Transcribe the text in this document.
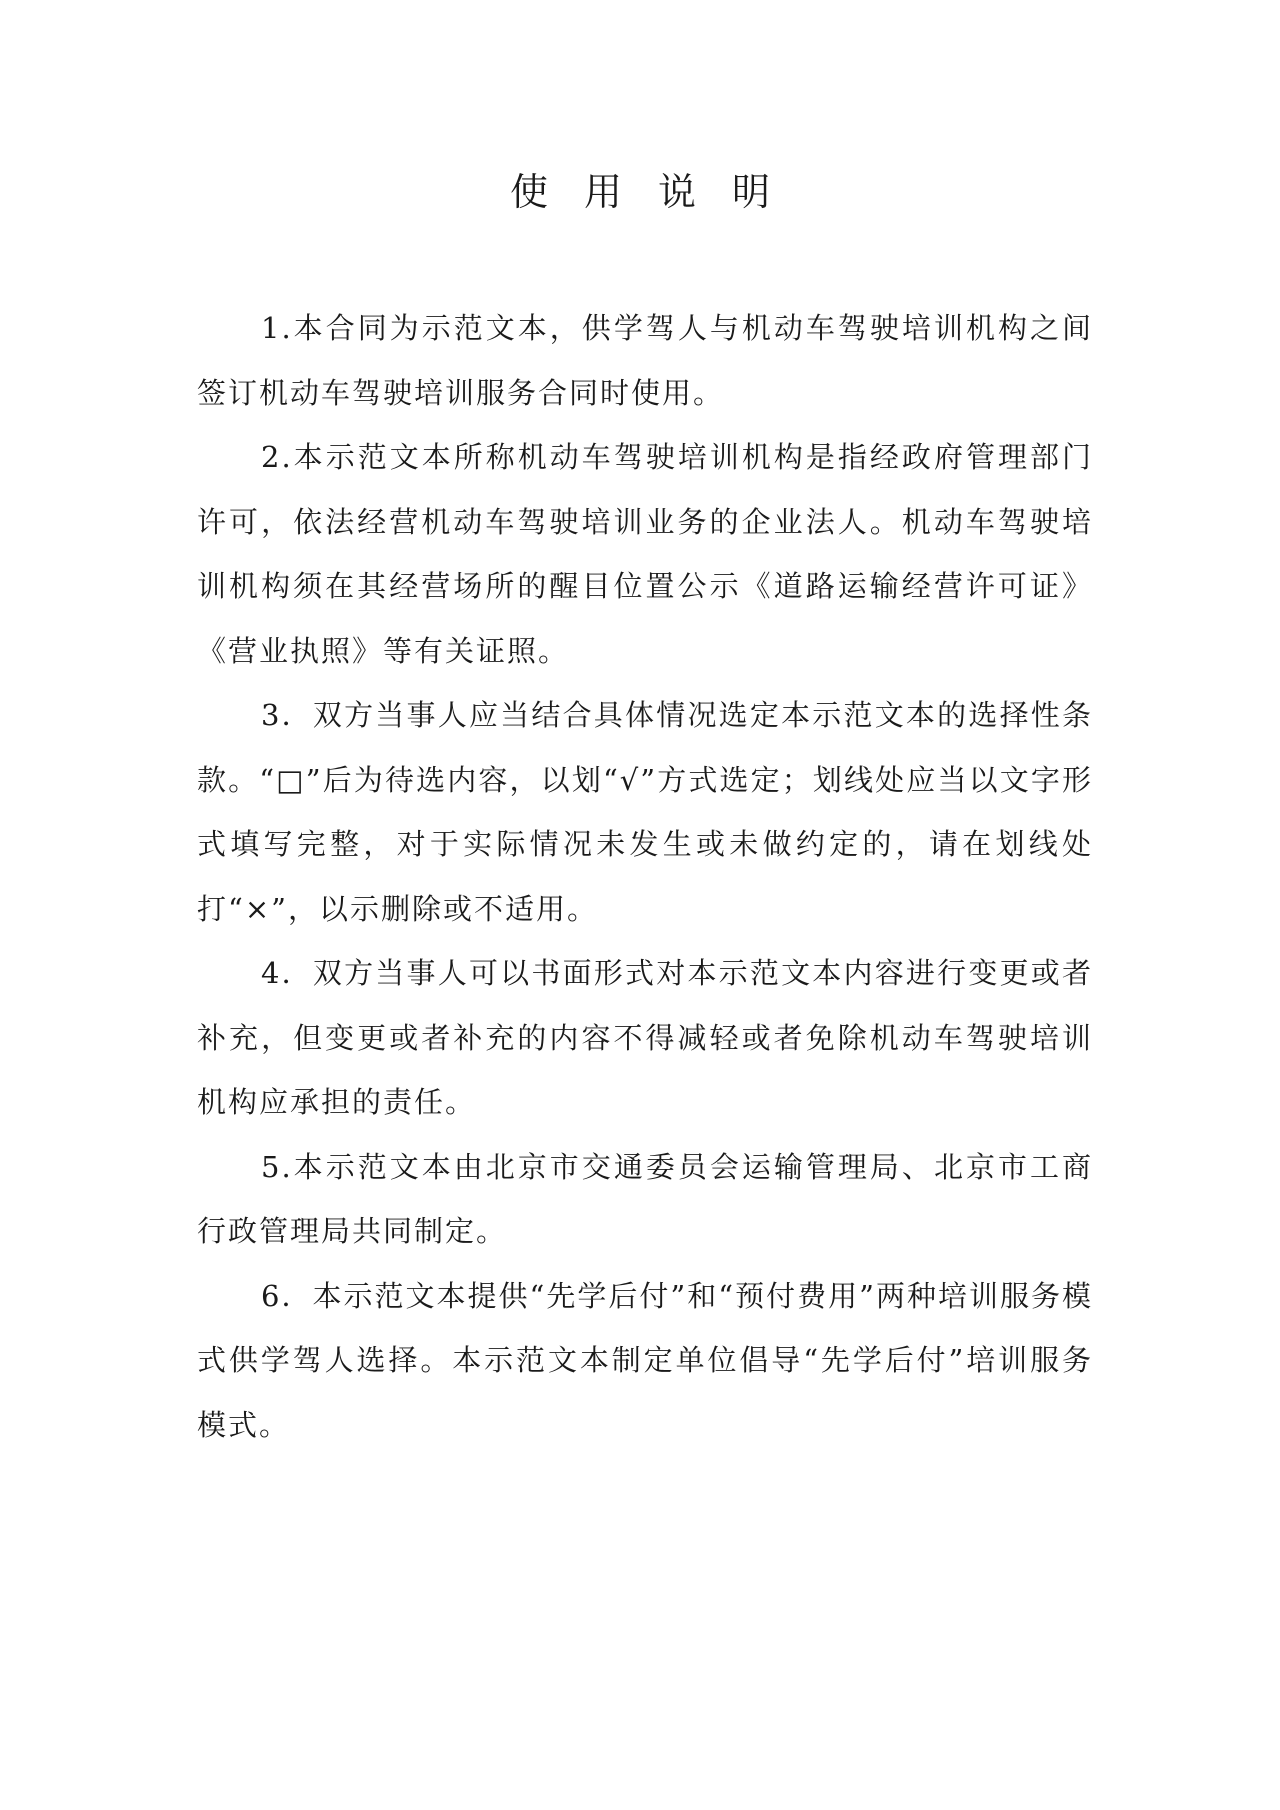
使用说明

1.本合同为示范文本，供学驾人与机动车驾驶培训机构之间签订机动车驾驶培训服务合同时使用。

2.本示范文本所称机动车驾驶培训机构是指经政府管理部门许可，依法经营机动车驾驶培训业务的企业法人。机动车驾驶培训机构须在其经营场所的醒目位置公示《道路运输经营许可证》《营业执照》等有关证照。

3．双方当事人应当结合具体情况选定本示范文本的选择性条款。“□”后为待选内容，以划“√”方式选定；划线处应当以文字形式填写完整，对于实际情况未发生或未做约定的，请在划线处打“×”，以示删除或不适用。

4．双方当事人可以书面形式对本示范文本内容进行变更或者补充，但变更或者补充的内容不得减轻或者免除机动车驾驶培训机构应承担的责任。

5.本示范文本由北京市交通委员会运输管理局、北京市工商行政管理局共同制定。

6．本示范文本提供“先学后付”和“预付费用”两种培训服务模式供学驾人选择。本示范文本制定单位倡导“先学后付”培训服务模式。
